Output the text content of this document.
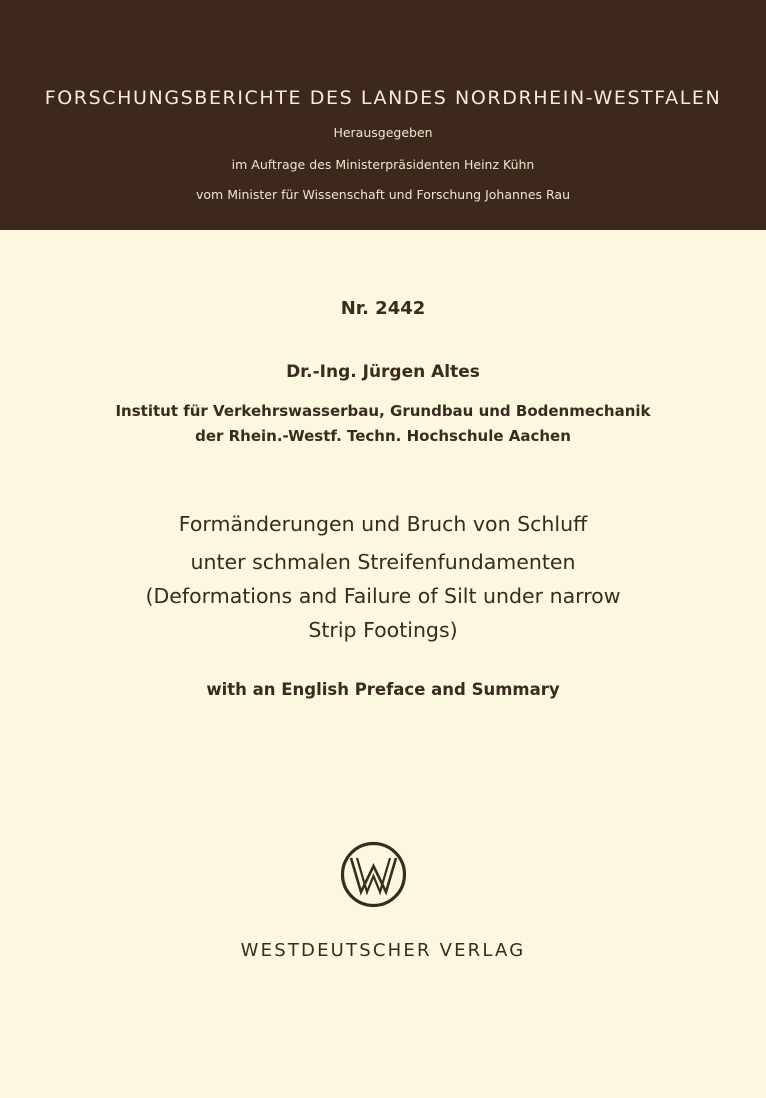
FORSCHUNGSBERICHTE DES LANDES NORDRHEIN-WESTFALEN
Herausgegeben
im Auftrage des Ministerpräsidenten Heinz Kühn
vom Minister für Wissenschaft und Forschung Johannes Rau
Nr. 2442
Dr.-Ing. Jürgen Altes
Institut für Verkehrswasserbau, Grundbau und Bodenmechanik
der Rhein.-Westf. Techn. Hochschule Aachen
Formänderungen und Bruch von Schluff
unter schmalen Streifenfundamenten
(Deformations and Failure of Silt under narrow
Strip Footings)
with an English Preface and Summary
WESTDEUTSCHER VERLAG
